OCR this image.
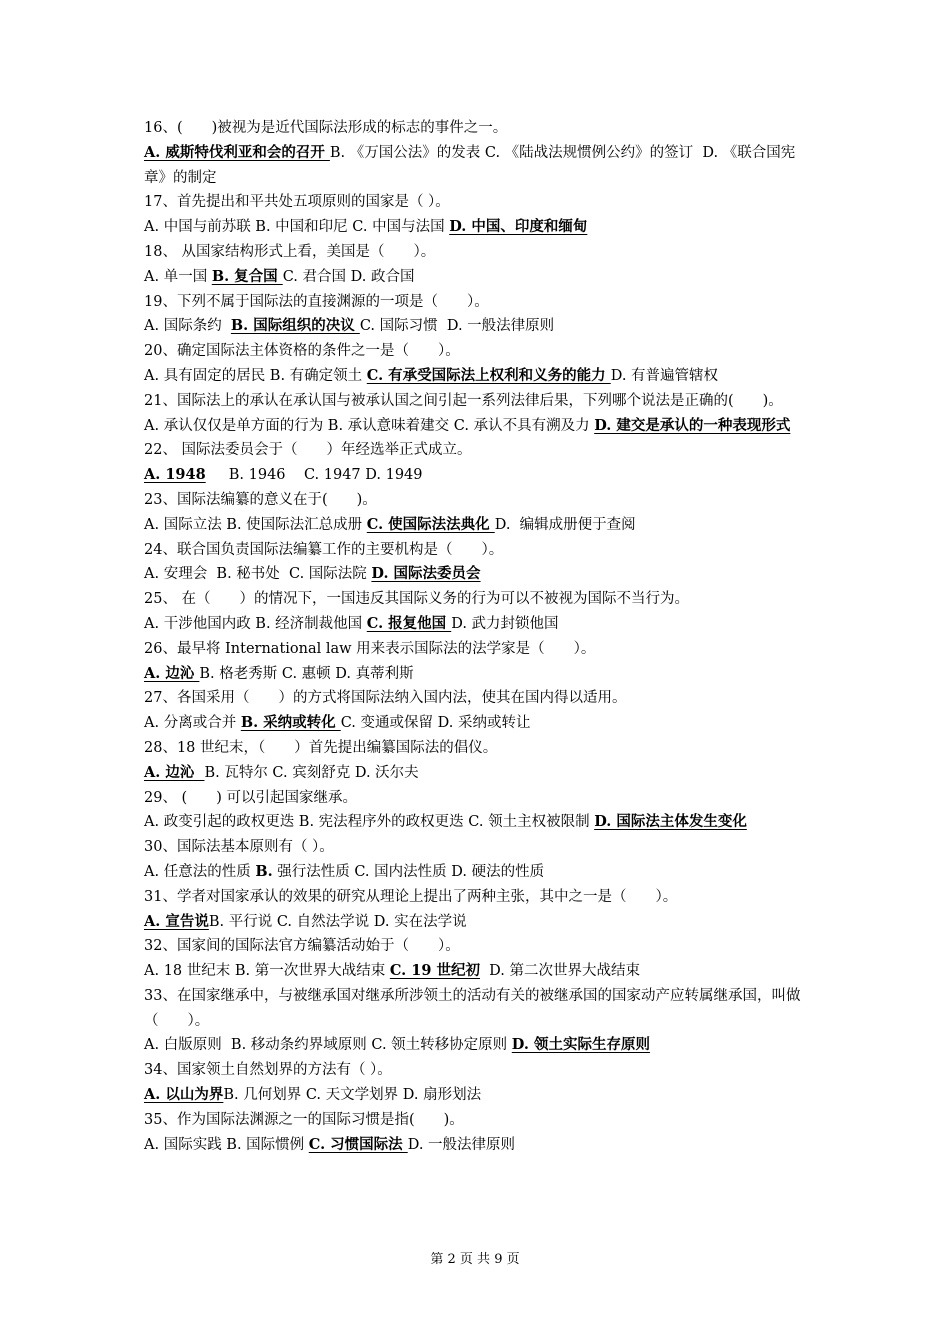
16、(　　)被视为是近代国际法形成的标志的事件之一。
A. 威斯特伐利亚和会的召开 B. 《万国公法》的发表 C. 《陆战法规惯例公约》的签订  D. 《联合国宪章》的制定
17、首先提出和平共处五项原则的国家是（ ）。
A. 中国与前苏联 B. 中国和印尼 C. 中国与法国 D. 中国、印度和缅甸
18、 从国家结构形式上看，美国是（　　）。
A. 单一国 B. 复合国 C. 君合国 D. 政合国
19、下列不属于国际法的直接渊源的一项是（　　）。
A. 国际条约  B. 国际组织的决议 C. 国际习惯  D. 一般法律原则
20、确定国际法主体资格的条件之一是（　　）。
A. 具有固定的居民 B. 有确定领土 C. 有承受国际法上权利和义务的能力 D. 有普遍管辖权
21、国际法上的承认在承认国与被承认国之间引起一系列法律后果，下列哪个说法是正确的(　　)。
A. 承认仅仅是单方面的行为 B. 承认意味着建交 C. 承认不具有溯及力 D. 建交是承认的一种表现形式
22、 国际法委员会于（　　）年经选举正式成立。
A. 1948     B. 1946    C. 1947 D. 1949
23、国际法编纂的意义在于(　　)。
A. 国际立法 B. 使国际法汇总成册 C. 使国际法法典化 D.  编辑成册便于查阅
24、联合国负责国际法编纂工作的主要机构是（　　）。
A. 安理会  B. 秘书处  C. 国际法院 D. 国际法委员会
25、 在（　　）的情况下，一国违反其国际义务的行为可以不被视为国际不当行为。
A. 干涉他国内政 B. 经济制裁他国 C. 报复他国 D. 武力封锁他国
26、最早将 International law 用来表示国际法的法学家是（　　）。
A. 边沁 B. 格老秀斯 C. 惠顿 D. 真蒂利斯
27、各国采用（　　）的方式将国际法纳入国内法，使其在国内得以适用。
A. 分离或合并 B. 采纳或转化 C. 变通或保留 D. 采纳或转让
28、18 世纪末，（　　）首先提出编纂国际法的倡仪。
A. 边沁  B. 瓦特尔 C. 宾刻舒克 D. 沃尔夫
29、 (　　) 可以引起国家继承。
A. 政变引起的政权更迭 B. 宪法程序外的政权更迭 C. 领土主权被限制 D. 国际法主体发生变化
30、国际法基本原则有（ ）。
A. 任意法的性质 B. 强行法性质 C. 国内法性质 D. 硬法的性质
31、学者对国家承认的效果的研究从理论上提出了两种主张，其中之一是（　　）。
A. 宣告说B. 平行说 C. 自然法学说 D. 实在法学说
32、国家间的国际法官方编纂活动始于（　　）。
A. 18 世纪末 B. 第一次世界大战结束 C. 19 世纪初  D. 第二次世界大战结束
33、在国家继承中，与被继承国对继承所涉领土的活动有关的被继承国的国家动产应转属继承国，叫做（　　）。
A. 白版原则  B. 移动条约界域原则 C. 领土转移协定原则 D. 领土实际生存原则
34、国家领土自然划界的方法有（ ）。
A. 以山为界B. 几何划界 C. 天文学划界 D. 扇形划法
35、作为国际法渊源之一的国际习惯是指(　　)。
A. 国际实践 B. 国际惯例 C. 习惯国际法 D. 一般法律原则
第 2 页 共 9 页
